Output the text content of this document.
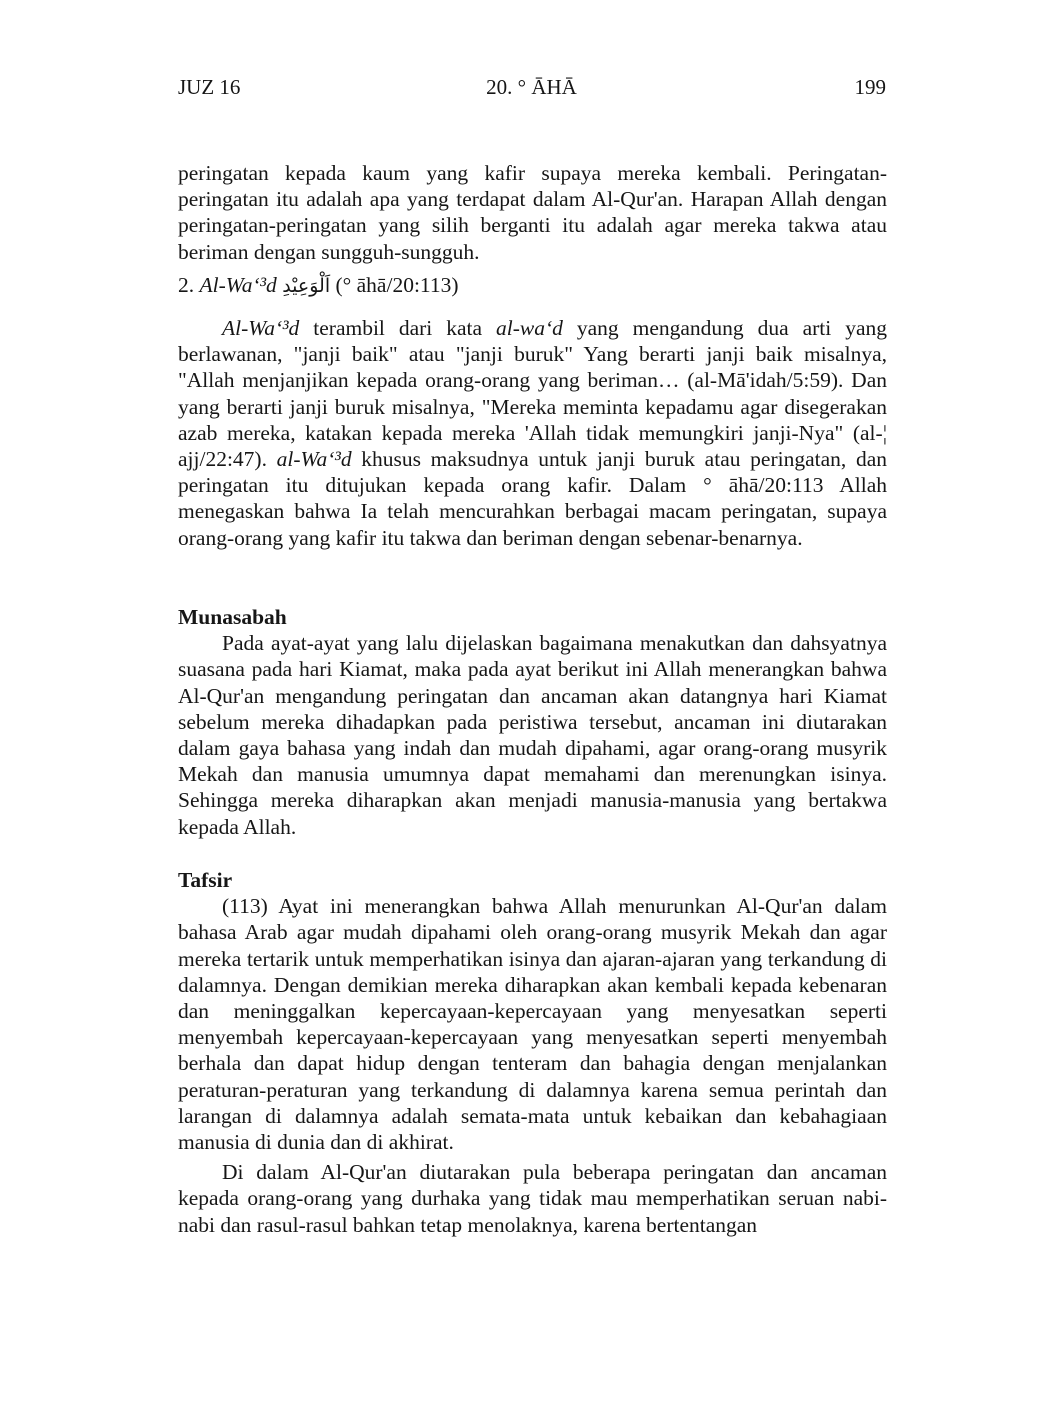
JUZ 16	20. ° ĀHĀ	199

peringatan kepada kaum yang kafir supaya mereka kembali. Peringatan-peringatan itu adalah apa yang terdapat dalam Al-Qur'an. Harapan Allah dengan peringatan-peringatan yang silih berganti itu adalah agar mereka takwa atau beriman dengan sungguh-sungguh.

2. Al-Wa‘³d اَلْوَعِيْدِ (° āhā/20:113)

Al-Wa‘³d terambil dari kata al-wa‘d yang mengandung dua arti yang berlawanan, "janji baik" atau "janji buruk" Yang berarti janji baik misalnya, "Allah menjanjikan kepada orang-orang yang beriman… (al-Mā'idah/5:59). Dan yang berarti janji buruk misalnya, "Mereka meminta kepadamu agar disegerakan azab mereka, katakan kepada mereka 'Allah tidak memungkiri janji-Nya" (al-¦ ajj/22:47). al-Wa‘³d khusus maksudnya untuk janji buruk atau peringatan, dan peringatan itu ditujukan kepada orang kafir. Dalam ° āhā/20:113 Allah menegaskan bahwa Ia telah mencurahkan berbagai macam peringatan, supaya orang-orang yang kafir itu takwa dan beriman dengan sebenar-benarnya.

Munasabah

Pada ayat-ayat yang lalu dijelaskan bagaimana menakutkan dan dahsyatnya suasana pada hari Kiamat, maka pada ayat berikut ini Allah menerangkan bahwa Al-Qur'an mengandung peringatan dan ancaman akan datangnya hari Kiamat sebelum mereka dihadapkan pada peristiwa tersebut, ancaman ini diutarakan dalam gaya bahasa yang indah dan mudah dipahami, agar orang-orang musyrik Mekah dan manusia umumnya dapat memahami dan merenungkan isinya. Sehingga mereka diharapkan akan menjadi manusia-manusia yang bertakwa kepada Allah.

Tafsir

(113) Ayat ini menerangkan bahwa Allah menurunkan Al-Qur'an dalam bahasa Arab agar mudah dipahami oleh orang-orang musyrik Mekah dan agar mereka tertarik untuk memperhatikan isinya dan ajaran-ajaran yang terkandung di dalamnya. Dengan demikian mereka diharapkan akan kembali kepada kebenaran dan meninggalkan kepercayaan-kepercayaan yang menyesatkan seperti menyembah kepercayaan-kepercayaan yang menyesatkan seperti menyembah berhala dan dapat hidup dengan tenteram dan bahagia dengan menjalankan peraturan-peraturan yang terkandung di dalamnya karena semua perintah dan larangan di dalamnya adalah semata-mata untuk kebaikan dan kebahagiaan manusia di dunia dan di akhirat.

Di dalam Al-Qur'an diutarakan pula beberapa peringatan dan ancaman kepada orang-orang yang durhaka yang tidak mau memperhatikan seruan nabi-nabi dan rasul-rasul bahkan tetap menolaknya, karena bertentangan
